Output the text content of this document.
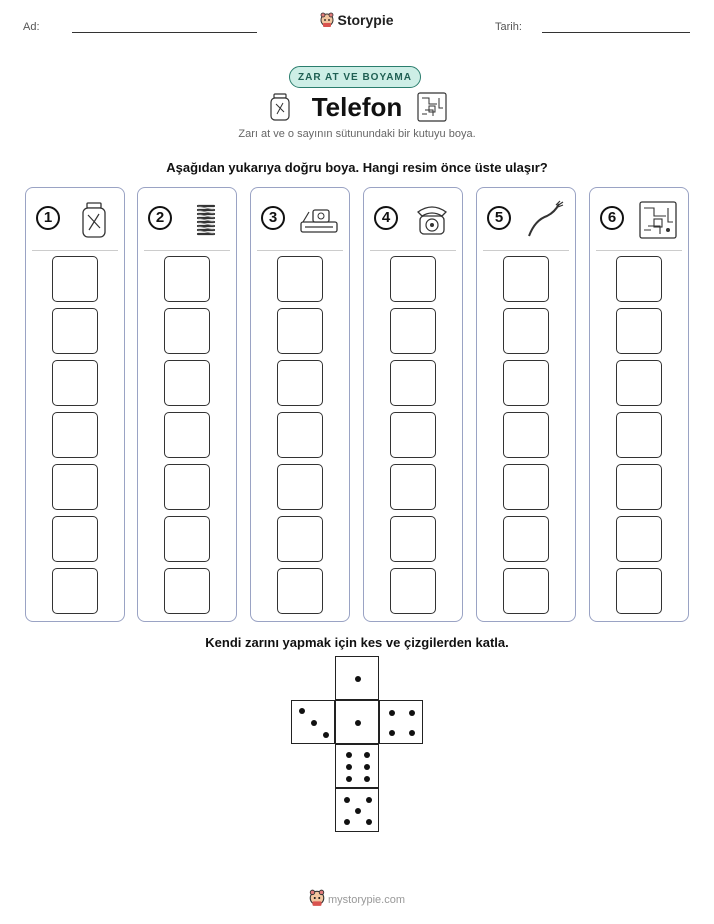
Ad:	Tarih:
Storypie
ZAR AT VE BOYAMA
Telefon
Zarı at ve o sayının sütunundaki bir kutuyu boya.
Aşağıdan yukarıya doğru boya. Hangi resim önce üste ulaşır?
1	2	3	4	5	6
Kendi zarını yapmak için kes ve çizgilerden katla.
mystorypie.com
